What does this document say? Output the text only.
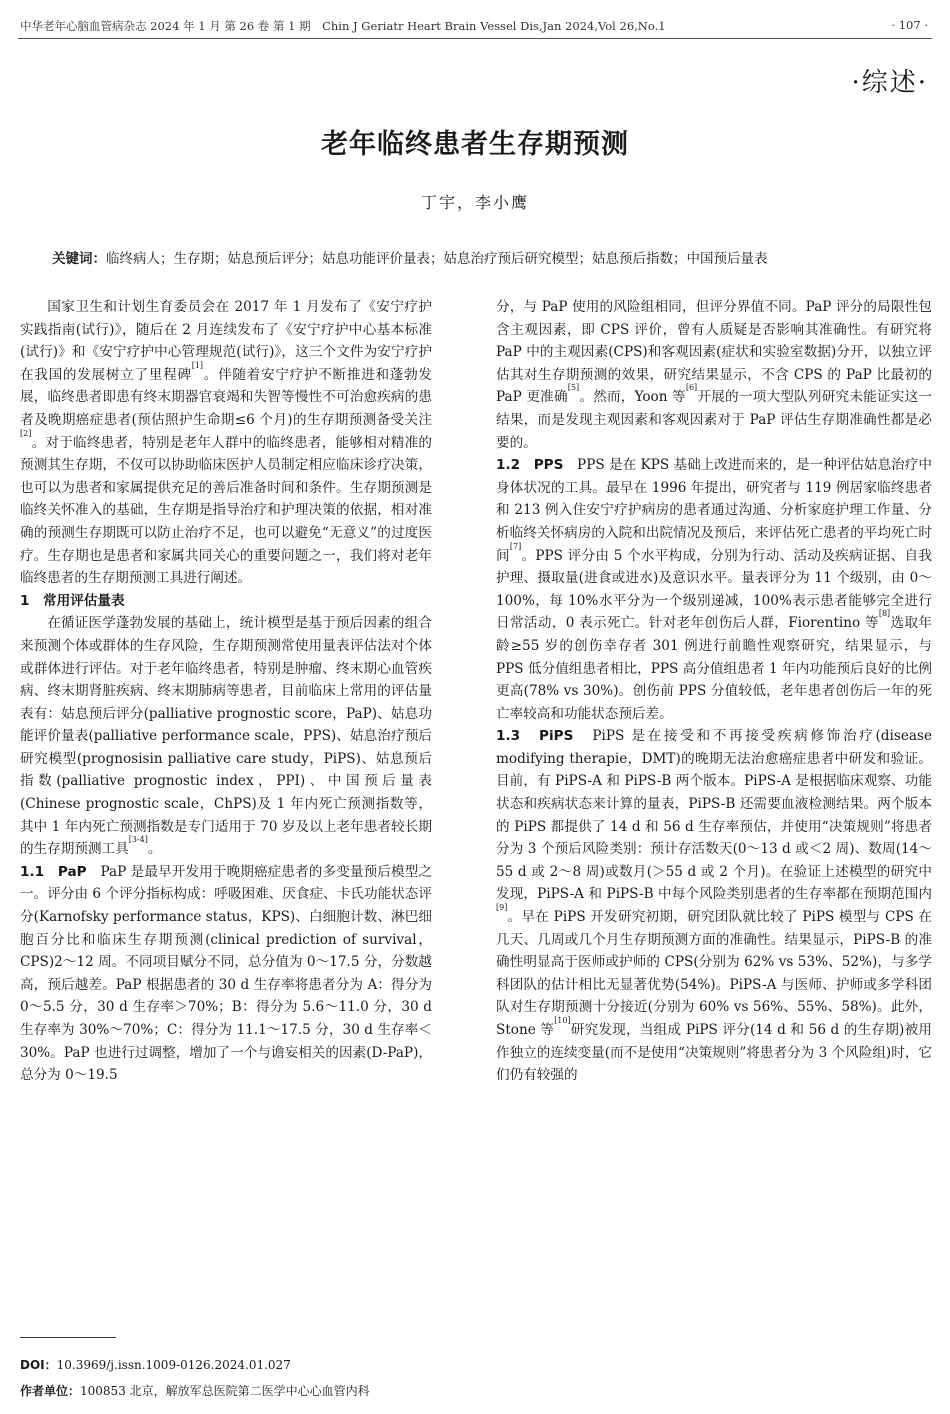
中华老年心脑血管病杂志 2024 年 1 月 第 26 卷 第 1 期　Chin J Geriatr Heart Brain Vessel Dis,Jan 2024,Vol 26,No.1	· 107 ·
·综述·
老年临终患者生存期预测
丁宇，李小鹰
关键词：临终病人；生存期；姑息预后评分；姑息功能评价量表；姑息治疗预后研究模型；姑息预后指数；中国预后量表

国家卫生和计划生育委员会在 2017 年 1 月发布了《安宁疗护实践指南(试行)》，随后在 2 月连续发布了《安宁疗护中心基本标准(试行)》和《安宁疗护中心管理规范(试行)》，这三个文件为安宁疗护在我国的发展树立了里程碑[1]。伴随着安宁疗护不断推进和蓬勃发展，临终患者即患有终末期器官衰竭和失智等慢性不可治愈疾病的患者及晚期癌症患者(预估照护生命期≤6 个月)的生存期预测备受关注[2]。对于临终患者，特别是老年人群中的临终患者，能够相对精准的预测其生存期，不仅可以协助临床医护人员制定相应临床诊疗决策，也可以为患者和家属提供充足的善后准备时间和条件。生存期预测是临终关怀准入的基础，生存期是指导治疗和护理决策的依据，相对准确的预测生存期既可以防止治疗不足，也可以避免“无意义”的过度医疗。生存期也是患者和家属共同关心的重要问题之一，我们将对老年临终患者的生存期预测工具进行阐述。

1　常用评估量表

在循证医学蓬勃发展的基础上，统计模型是基于预后因素的组合来预测个体或群体的生存风险，生存期预测常使用量表评估法对个体或群体进行评估。对于老年临终患者，特别是肿瘤、终末期心血管疾病、终末期肾脏疾病、终末期肺病等患者，目前临床上常用的评估量表有：姑息预后评分(palliative prognostic score，PaP)、姑息功能评价量表(palliative performance scale，PPS)、姑息治疗预后研究模型(prognosisin palliative care study，PiPS)、姑息预后指数(palliative prognostic index，PPI)、中国预后量表(Chinese prognostic scale，ChPS)及 1 年内死亡预测指数等，其中 1 年内死亡预测指数是专门适用于 70 岁及以上老年患者较长期的生存期预测工具[3-4]。

1.1　PaP　 PaP 是最早开发用于晚期癌症患者的多变量预后模型之一。评分由 6 个评分指标构成：呼吸困难、厌食症、卡氏功能状态评分(Karnofsky performance status，KPS)、白细胞计数、淋巴细胞百分比和临床生存期预测(clinical prediction of survival，CPS)2～12 周。不同项目赋分不同，总分值为 0～17.5 分，分数越高，预后越差。PaP 根据患者的 30 d 生存率将患者分为 A：得分为 0～5.5 分，30 d 生存率＞70%；B：得分为 5.6～11.0 分，30 d 生存率为 30%～70%；C：得分为 11.1～17.5 分，30 d 生存率＜30%。PaP 也进行过调整，增加了一个与谵妄相关的因素(D-PaP)，总分为 0～19.5

分，与 PaP 使用的风险组相同，但评分界值不同。PaP 评分的局限性包含主观因素，即 CPS 评价，曾有人质疑是否影响其准确性。有研究将 PaP 中的主观因素(CPS)和客观因素(症状和实验室数据)分开，以独立评估其对生存期预测的效果，研究结果显示，不含 CPS 的 PaP 比最初的 PaP 更准确[5]。然而，Yoon 等[6]开展的一项大型队列研究未能证实这一结果，而是发现主观因素和客观因素对于 PaP 评估生存期准确性都是必要的。

1.2　PPS　 PPS 是在 KPS 基础上改进而来的，是一种评估姑息治疗中身体状况的工具。最早在 1996 年提出，研究者与 119 例居家临终患者和 213 例入住安宁疗护病房的患者通过沟通、分析家庭护理工作量、分析临终关怀病房的入院和出院情况及预后，来评估死亡患者的平均死亡时间[7]。PPS 评分由 5 个水平构成，分别为行动、活动及疾病证据、自我护理、摄取量(进食或进水)及意识水平。量表评分为 11 个级别，由 0～100%，每 10%水平分为一个级别递减，100%表示患者能够完全进行日常活动，0 表示死亡。针对老年创伤后人群，Fiorentino 等[8]选取年龄≥55 岁的创伤幸存者 301 例进行前瞻性观察研究，结果显示，与 PPS 低分值组患者相比，PPS 高分值组患者 1 年内功能预后良好的比例更高(78% vs 30%)。创伤前 PPS 分值较低，老年患者创伤后一年的死亡率较高和功能状态预后差。

1.3　PiPS　 PiPS 是在接受和不再接受疾病修饰治疗(disease modifying therapie，DMT)的晚期无法治愈癌症患者中研发和验证。目前，有 PiPS-A 和 PiPS-B 两个版本。PiPS-A 是根据临床观察、功能状态和疾病状态来计算的量表，PiPS-B 还需要血液检测结果。两个版本的 PiPS 都提供了 14 d 和 56 d 生存率预估，并使用“决策规则”将患者分为 3 个预后风险类别：预计存活数天(0～13 d 或＜2 周)、数周(14～55 d 或 2～8 周)或数月(＞55 d 或 2 个月)。在验证上述模型的研究中发现，PiPS-A 和 PiPS-B 中每个风险类别患者的生存率都在预期范围内[9]。早在 PiPS 开发研究初期，研究团队就比较了 PiPS 模型与 CPS 在几天、几周或几个月生存期预测方面的准确性。结果显示，PiPS-B 的准确性明显高于医师或护师的 CPS(分别为 62% vs 53%、52%)，与多学科团队的估计相比无显著优势(54%)。PiPS-A 与医师、护师或多学科团队对生存期预测十分接近(分别为 60% vs 56%、55%、58%)。此外，Stone 等[10]研究发现，当组成 PiPS 评分(14 d 和 56 d 的生存期)被用作独立的连续变量(而不是使用“决策规则”将患者分为 3 个风险组)时，它们仍有较强的

DOI：10.3969/j.issn.1009-0126.2024.01.027
作者单位：100853 北京，解放军总医院第二医学中心心血管内科
